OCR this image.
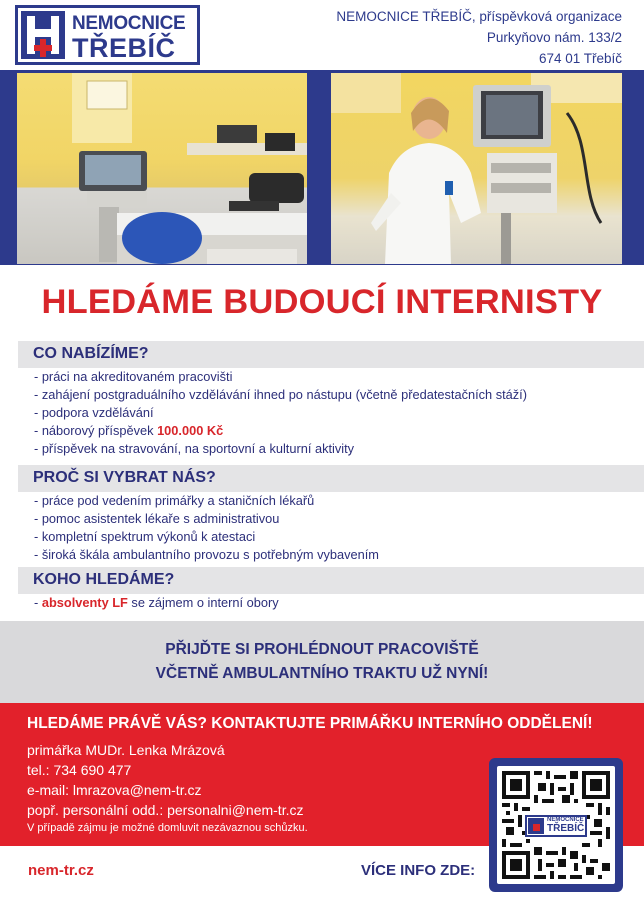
NEMOCNICE
TŘEBÍČ
NEMOCNICE TŘEBÍČ, příspěvková organizace
Purkyňovo nám. 133/2
674 01 Třebíč
HLEDÁME BUDOUCÍ INTERNISTY
CO NABÍZÍME?
- práci na akreditovaném pracovišti
- zahájení postgraduálního vzdělávání ihned po nástupu (včetně předatestačních stáží)
- podpora vzdělávání
- náborový příspěvek 100.000 Kč
- příspěvek na stravování, na sportovní a kulturní aktivity
PROČ SI VYBRAT NÁS?
- práce pod vedením primářky a staničních lékařů
- pomoc asistentek lékaře s administrativou
- kompletní spektrum výkonů k atestaci
- široká škála ambulantního provozu s potřebným vybavením
KOHO HLEDÁME?
- absolventy LF se zájmem o interní obory
PŘIJĎTE SI PROHLÉDNOUT PRACOVIŠTĚ
VČETNĚ AMBULANTNÍHO TRAKTU UŽ NYNÍ!
HLEDÁME PRÁVĚ VÁS? KONTAKTUJTE PRIMÁŘKU INTERNÍHO ODDĚLENÍ!
primářka MUDr. Lenka Mrázová
tel.: 734 690 477
e-mail: lmrazova@nem-tr.cz
popř. personální odd.: personalni@nem-tr.cz
V případě zájmu je možné domluvit nezávaznou schůzku.
nem-tr.cz	VÍCE INFO ZDE:
NEMOCNICE
TŘEBÍČ
